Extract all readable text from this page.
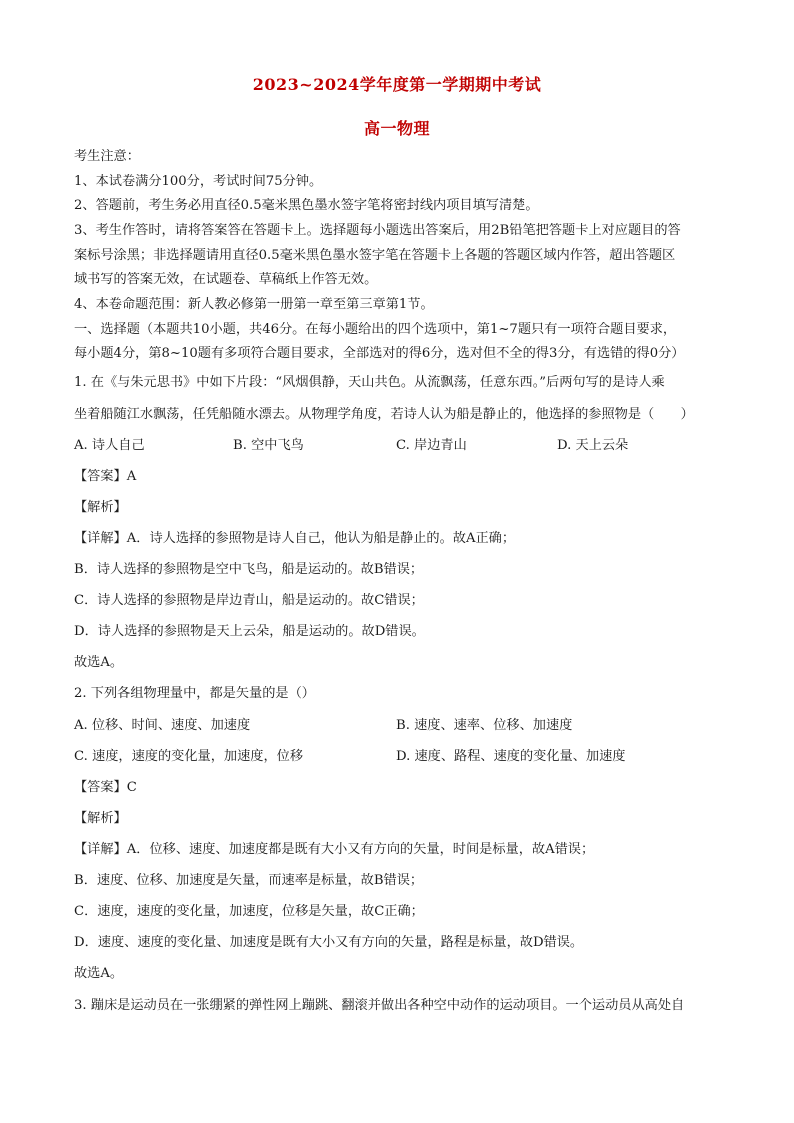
2023~2024学年度第一学期期中考试
高一物理
考生注意：
1、本试卷满分100分，考试时间75分钟。
2、答题前，考生务必用直径0.5毫米黑色墨水签字笔将密封线内项目填写清楚。
3、考生作答时，请将答案答在答题卡上。选择题每小题选出答案后，用2B铅笔把答题卡上对应题目的答
案标号涂黑；非选择题请用直径0.5毫米黑色墨水签字笔在答题卡上各题的答题区域内作答，超出答题区
域书写的答案无效，在试题卷、草稿纸上作答无效。
4、本卷命题范围：新人教必修第一册第一章至第三章第1节。
一、选择题（本题共10小题，共46分。在每小题给出的四个选项中，第1~7题只有一项符合题目要求，
每小题4分，第8~10题有多项符合题目要求，全部选对的得6分，选对但不全的得3分，有选错的得0分）
1. 在《与朱元思书》中如下片段：“风烟俱静，天山共色。从流飘荡，任意东西。”后两句写的是诗人乘
坐着船随江水飘荡，任凭船随水漂去。从物理学角度，若诗人认为船是静止的，他选择的参照物是（　　）
A. 诗人自己	B. 空中飞鸟	C. 岸边青山	D. 天上云朵
【答案】A
【解析】
【详解】A．诗人选择的参照物是诗人自己，他认为船是静止的。故A正确；
B．诗人选择的参照物是空中飞鸟，船是运动的。故B错误；
C．诗人选择的参照物是岸边青山，船是运动的。故C错误；
D．诗人选择的参照物是天上云朵，船是运动的。故D错误。
故选A。
2. 下列各组物理量中，都是矢量的是（）
A. 位移、时间、速度、加速度	B. 速度、速率、位移、加速度
C. 速度，速度的变化量，加速度，位移	D. 速度、路程、速度的变化量、加速度
【答案】C
【解析】
【详解】A．位移、速度、加速度都是既有大小又有方向的矢量，时间是标量，故A错误；
B．速度、位移、加速度是矢量，而速率是标量，故B错误；
C．速度，速度的变化量，加速度，位移是矢量，故C正确；
D．速度、速度的变化量、加速度是既有大小又有方向的矢量，路程是标量，故D错误。
故选A。
3. 蹦床是运动员在一张绷紧的弹性网上蹦跳、翻滚并做出各种空中动作的运动项目。一个运动员从高处自
